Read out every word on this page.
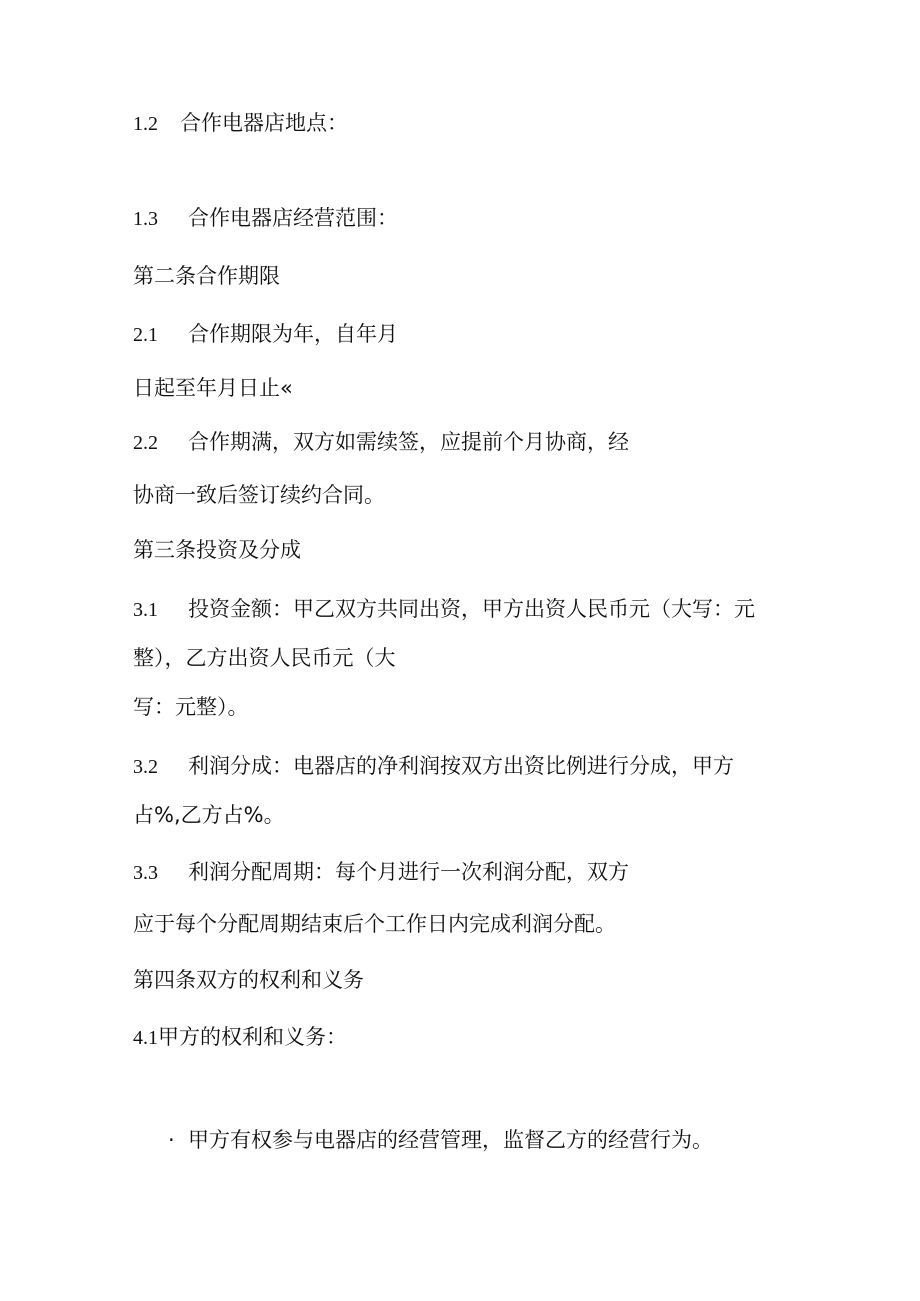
1.2 合作电器店地点：
1.3 合作电器店经营范围：
第二条合作期限
2.1 合作期限为年，自年月
日起至年月日止«
2.2 合作期满，双方如需续签，应提前个月协商，经
协商一致后签订续约合同。
第三条投资及分成
3.1 投资金额：甲乙双方共同出资，甲方出资人民币元（大写：元
整），乙方出资人民币元（大
写：元整）。
3.2 利润分成：电器店的净利润按双方出资比例进行分成，甲方
占%,乙方占%。
3.3 利润分配周期：每个月进行一次利润分配，双方
应于每个分配周期结束后个工作日内完成利润分配。
第四条双方的权利和义务
4.1甲方的权利和义务：
· 甲方有权参与电器店的经营管理，监督乙方的经营行为。
